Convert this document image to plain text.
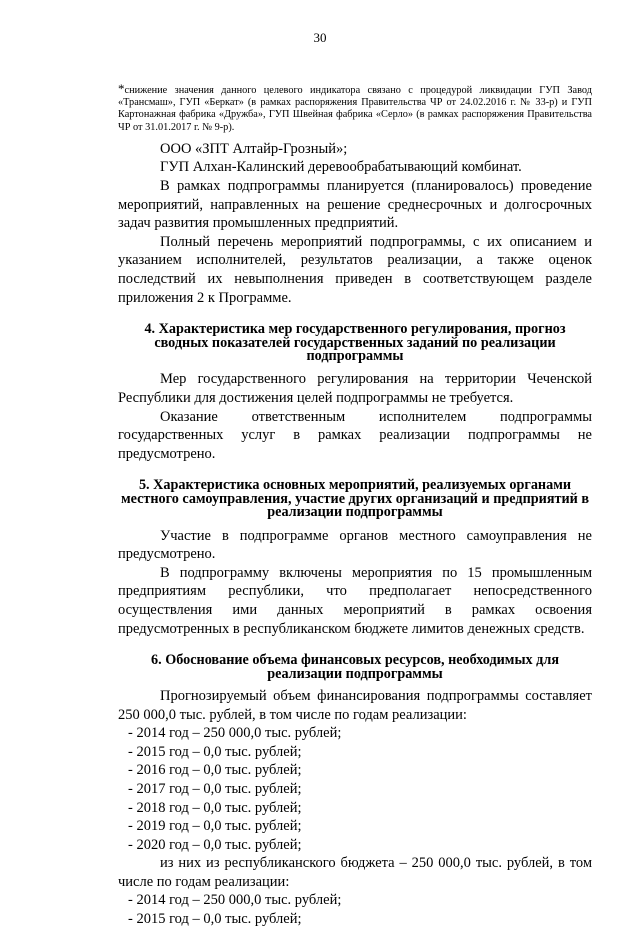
30
*снижение значения данного целевого индикатора связано с процедурой ликвидации ГУП Завод «Трансмаш», ГУП «Беркат» (в рамках распоряжения Правительства ЧР от 24.02.2016 г. № 33-р) и ГУП Картонажная фабрика «Дружба», ГУП Швейная фабрика «Серло» (в рамках распоряжения Правительства ЧР от 31.01.2017 г. № 9-р).

ООО «ЗПТ Алтайр-Грозный»;

ГУП Алхан-Калинский деревообрабатывающий комбинат.

В рамках подпрограммы планируется (планировалось) проведение мероприятий, направленных на решение среднесрочных и долгосрочных задач развития промышленных предприятий.

Полный перечень мероприятий подпрограммы, с их описанием и указанием исполнителей, результатов реализации, а также оценок последствий их невыполнения приведен в соответствующем разделе приложения 2 к Программе.

4. Характеристика мер государственного регулирования, прогноз

сводных показателей государственных заданий по реализации

подпрограммы

Мер государственного регулирования на территории Чеченской Республики для достижения целей подпрограммы не требуется.

Оказание ответственным исполнителем подпрограммы государственных услуг в рамках реализации подпрограммы не предусмотрено.

5. Характеристика основных мероприятий, реализуемых органами

местного самоуправления, участие других организаций и предприятий в

реализации подпрограммы

Участие в подпрограмме органов местного самоуправления не предусмотрено.

В подпрограмму включены мероприятия по 15 промышленным предприятиям республики, что предполагает непосредственного осуществления ими данных мероприятий в рамках освоения предусмотренных в республиканском бюджете лимитов денежных средств.

6. Обоснование объема финансовых ресурсов, необходимых для

реализации подпрограммы

Прогнозируемый объем финансирования подпрограммы составляет 250 000,0 тыс. рублей, в том числе по годам реализации:

- 2014 год – 250 000,0 тыс. рублей;

- 2015 год – 0,0 тыс. рублей;

- 2016 год – 0,0 тыс. рублей;

- 2017 год – 0,0 тыс. рублей;

- 2018 год – 0,0 тыс. рублей;

- 2019 год – 0,0 тыс. рублей;

- 2020 год – 0,0 тыс. рублей;

из них из республиканского бюджета – 250 000,0 тыс. рублей, в том числе по годам реализации:

- 2014 год – 250 000,0 тыс. рублей;

- 2015 год – 0,0 тыс. рублей;
